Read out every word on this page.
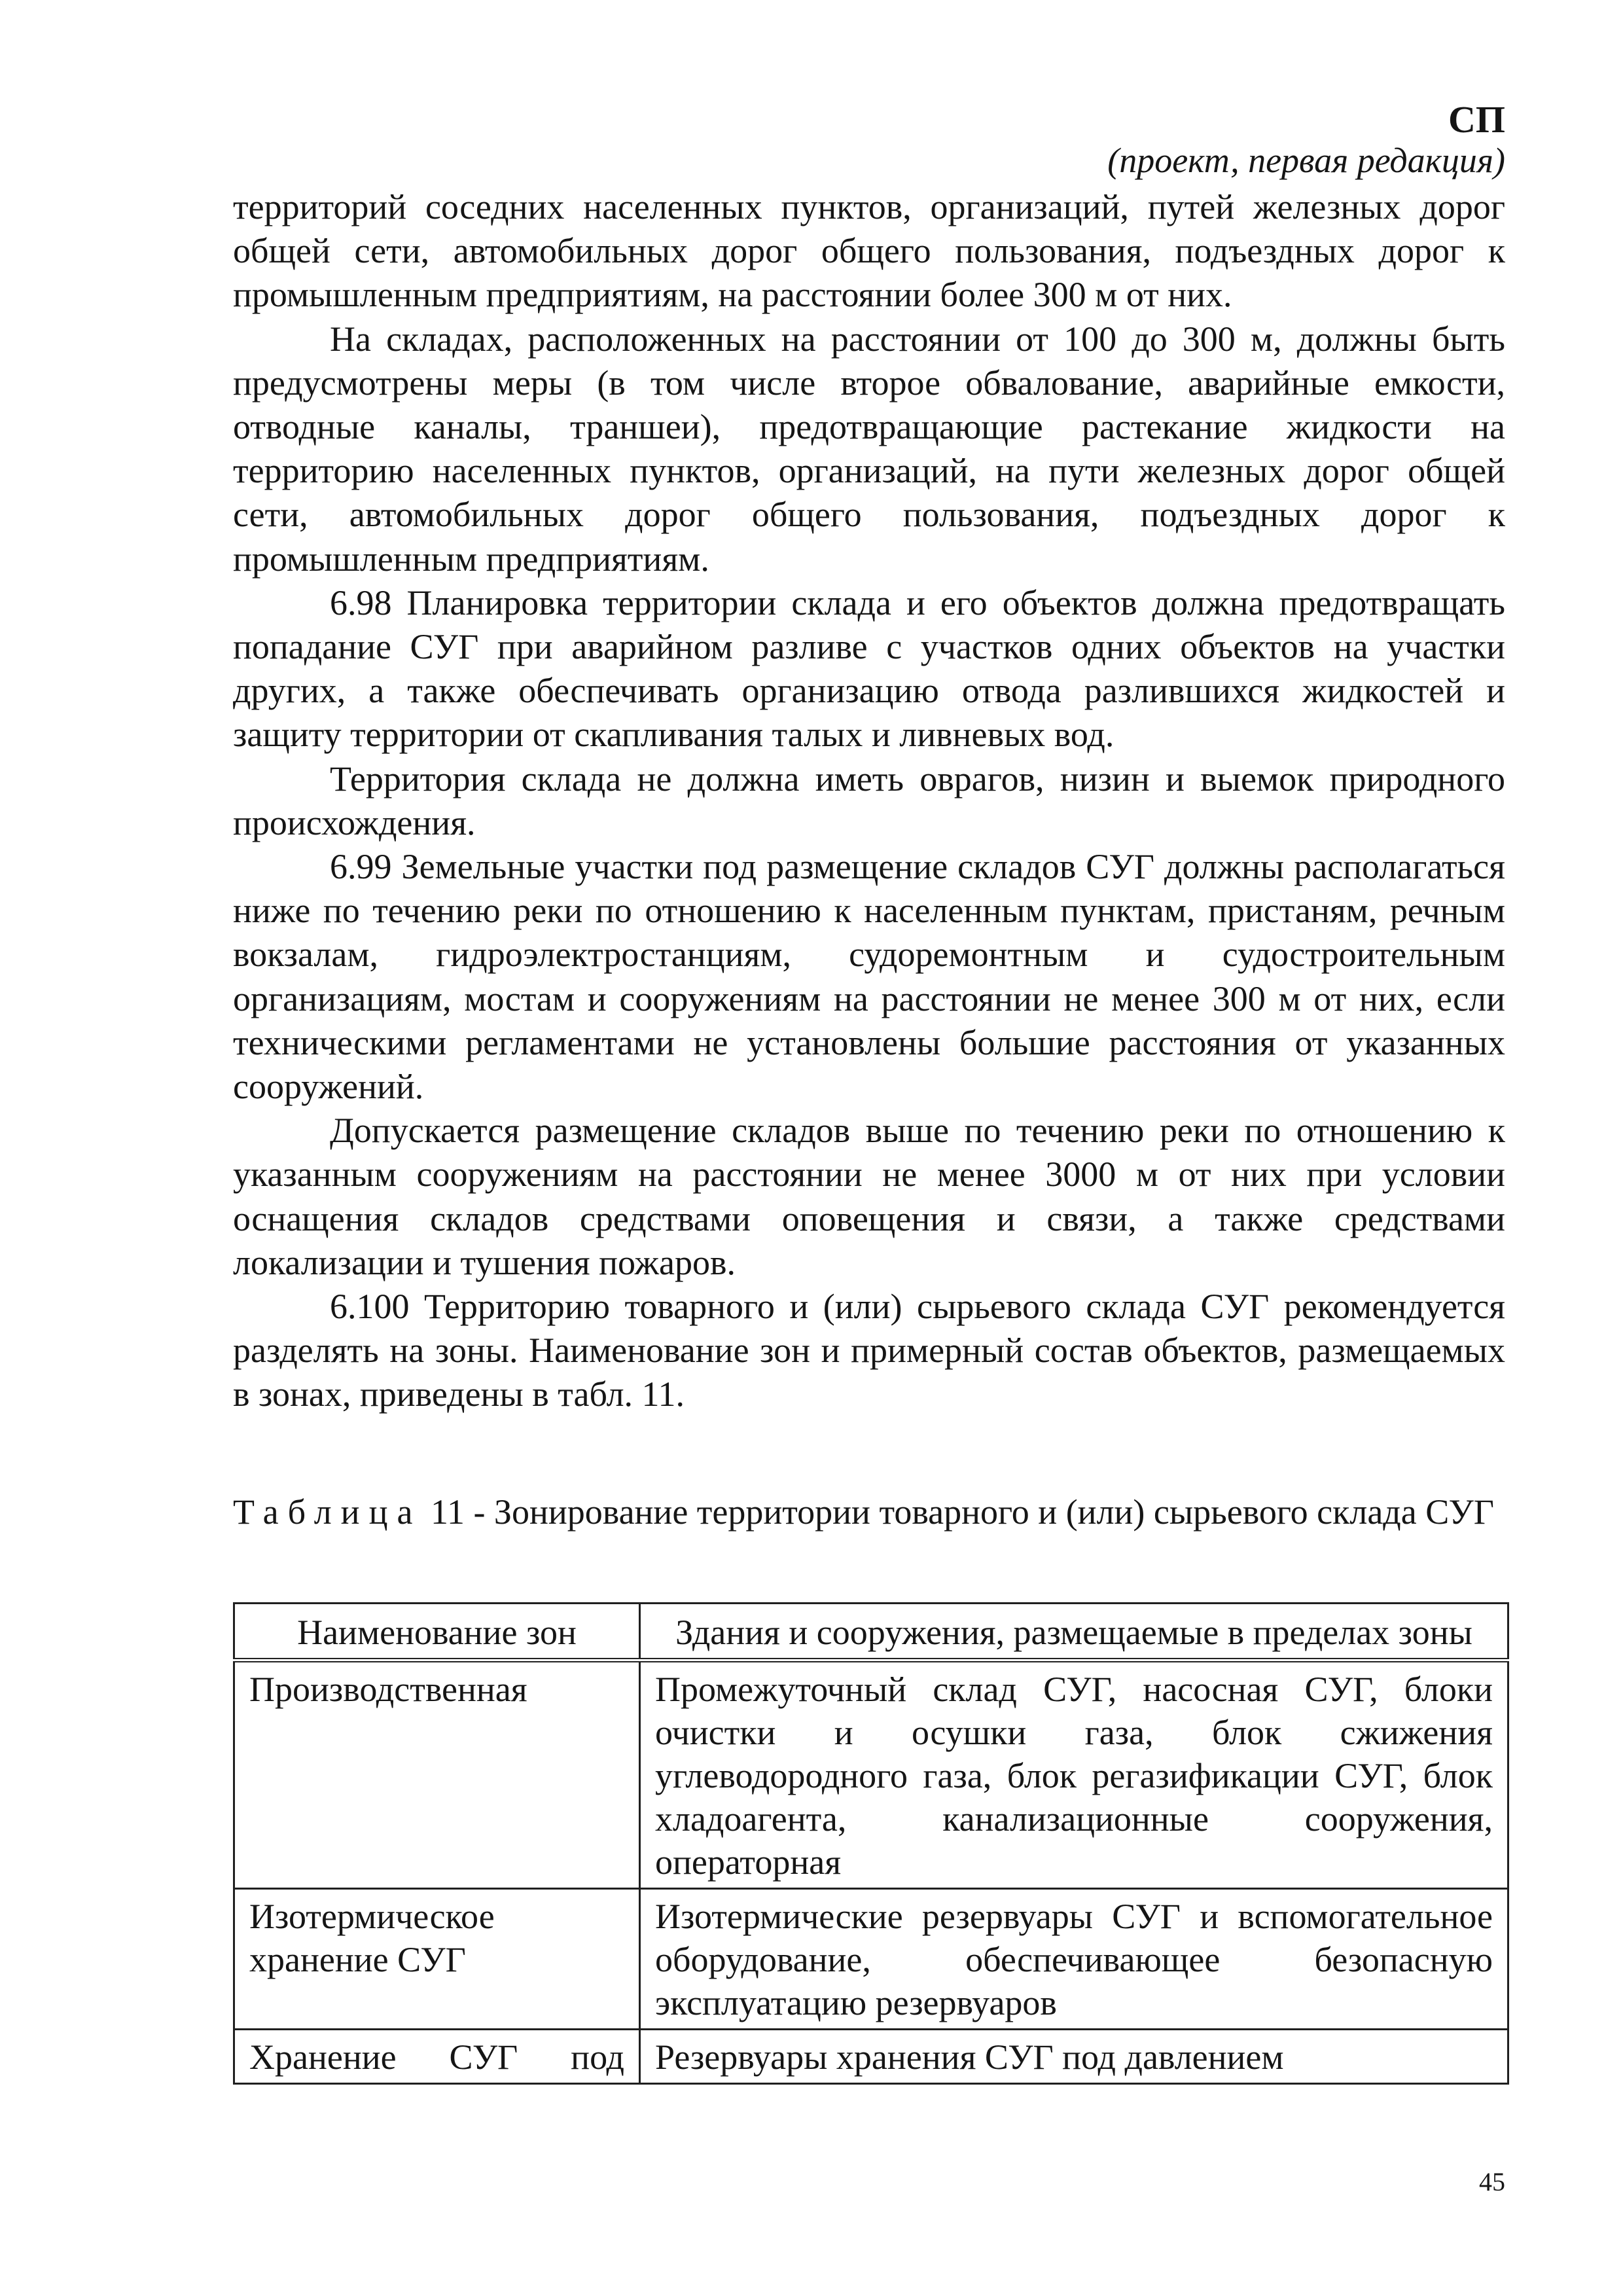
СП
(проект, первая редакция)

территорий соседних населенных пунктов, организаций, путей железных дорог общей сети, автомобильных дорог общего пользования, подъездных дорог к промышленным предприятиям, на расстоянии более 300 м от них.

На складах, расположенных на расстоянии от 100 до 300 м, должны быть предусмотрены меры (в том числе второе обвалование, аварийные емкости, отводные каналы, траншеи), предотвращающие растекание жидкости на территорию населенных пунктов, организаций, на пути железных дорог общей сети, автомобильных дорог общего пользования, подъездных дорог к промышленным предприятиям.

6.98 Планировка территории склада и его объектов должна предотвращать попадание СУГ при аварийном разливе с участков одних объектов на участки других, а также обеспечивать организацию отвода разлившихся жидкостей и защиту территории от скапливания талых и ливневых вод.

Территория склада не должна иметь оврагов, низин и выемок природного происхождения.

6.99 Земельные участки под размещение складов СУГ должны располагаться ниже по течению реки по отношению к населенным пунктам, пристаням, речным вокзалам, гидроэлектростанциям, судоремонтным и судостроительным организациям, мостам и сооружениям на расстоянии не менее 300 м от них, если техническими регламентами не установлены большие расстояния от указанных сооружений.

Допускается размещение складов выше по течению реки по отношению к указанным сооружениям на расстоянии не менее 3000 м от них при условии оснащения складов средствами оповещения и связи, а также средствами локализации и тушения пожаров.

6.100 Территорию товарного и (или) сырьевого склада СУГ рекомендуется разделять на зоны. Наименование зон и примерный состав объектов, размещаемых в зонах, приведены в табл. 11.

Таблица 11 - Зонирование территории товарного и (или) сырьевого склада СУГ
Наименование зон	Здания и сооружения, размещаемые в пределах зоны
Производственная	Промежуточный склад СУГ, насосная СУГ, блоки очистки и осушки газа, блок сжижения углеводородного газа, блок регазификации СУГ, блок хладоагента, канализационные сооружения, операторная
Изотермическое хранение СУГ	Изотермические резервуары СУГ и вспомогательное оборудование, обеспечивающее безопасную эксплуатацию резервуаров
Хранение СУГ под	Резервуары хранения СУГ под давлением
45
